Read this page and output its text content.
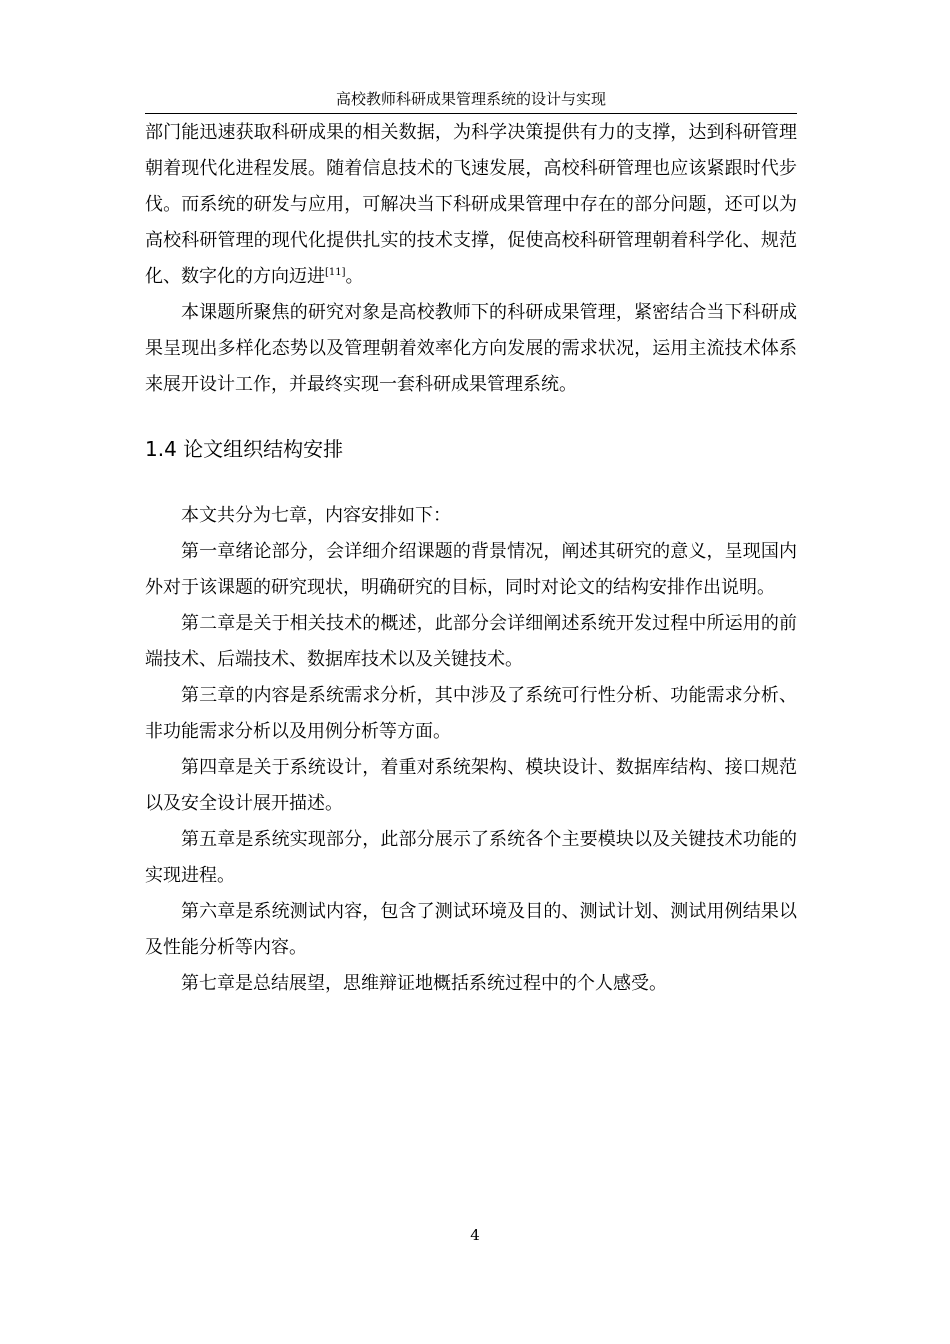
高校教师科研成果管理系统的设计与实现

部门能迅速获取科研成果的相关数据，为科学决策提供有力的支撑，达到科研管理朝着现代化进程发展。随着信息技术的飞速发展，高校科研管理也应该紧跟时代步伐。而系统的研发与应用，可解决当下科研成果管理中存在的部分问题，还可以为高校科研管理的现代化提供扎实的技术支撑，促使高校科研管理朝着科学化、规范化、数字化的方向迈进[11]。

本课题所聚焦的研究对象是高校教师下的科研成果管理，紧密结合当下科研成果呈现出多样化态势以及管理朝着效率化方向发展的需求状况，运用主流技术体系来展开设计工作，并最终实现一套科研成果管理系统。

1.4 论文组织结构安排

本文共分为七章，内容安排如下：

第一章绪论部分，会详细介绍课题的背景情况，阐述其研究的意义，呈现国内外对于该课题的研究现状，明确研究的目标，同时对论文的结构安排作出说明。

第二章是关于相关技术的概述，此部分会详细阐述系统开发过程中所运用的前端技术、后端技术、数据库技术以及关键技术。

第三章的内容是系统需求分析，其中涉及了系统可行性分析、功能需求分析、非功能需求分析以及用例分析等方面。

第四章是关于系统设计，着重对系统架构、模块设计、数据库结构、接口规范以及安全设计展开描述。

第五章是系统实现部分，此部分展示了系统各个主要模块以及关键技术功能的实现进程。

第六章是系统测试内容，包含了测试环境及目的、测试计划、测试用例结果以及性能分析等内容。

第七章是总结展望，思维辩证地概括系统过程中的个人感受。

4
